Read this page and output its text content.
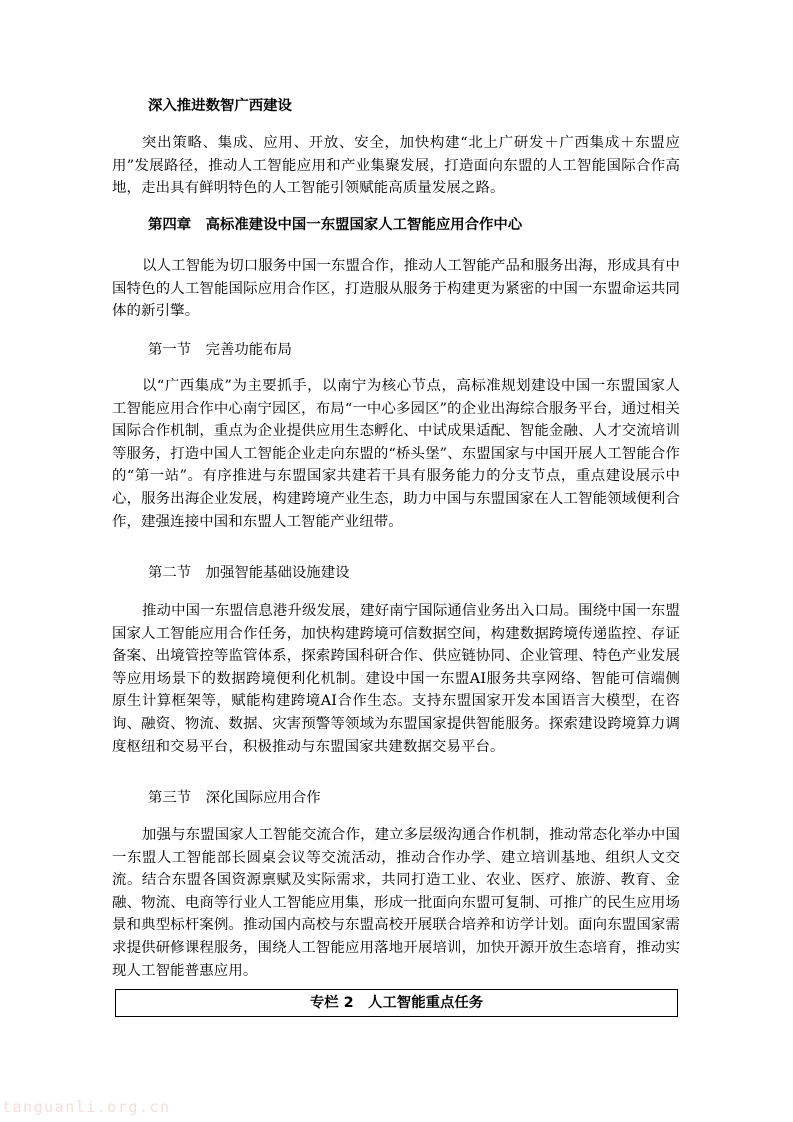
深入推进数智广西建设
突出策略、集成、应用、开放、安全，加快构建“北上广研发＋广西集成＋东盟应用”发展路径，推动人工智能应用和产业集聚发展，打造面向东盟的人工智能国际合作高地，走出具有鲜明特色的人工智能引领赋能高质量发展之路。
第四章　高标准建设中国一东盟国家人工智能应用合作中心
以人工智能为切口服务中国一东盟合作，推动人工智能产品和服务出海，形成具有中国特色的人工智能国际应用合作区，打造服从服务于构建更为紧密的中国一东盟命运共同体的新引擎。
第一节　完善功能布局
以“广西集成”为主要抓手，以南宁为核心节点，高标准规划建设中国一东盟国家人工智能应用合作中心南宁园区，布局“一中心多园区”的企业出海综合服务平台，通过相关国际合作机制，重点为企业提供应用生态孵化、中试成果适配、智能金融、人才交流培训等服务，打造中国人工智能企业走向东盟的“桥头堡”、东盟国家与中国开展人工智能合作的“第一站”。有序推进与东盟国家共建若干具有服务能力的分支节点，重点建设展示中心，服务出海企业发展，构建跨境产业生态，助力中国与东盟国家在人工智能领域便利合作，建强连接中国和东盟人工智能产业纽带。
第二节　加强智能基础设施建设
推动中国一东盟信息港升级发展，建好南宁国际通信业务出入口局。围绕中国一东盟国家人工智能应用合作任务，加快构建跨境可信数据空间，构建数据跨境传递监控、存证备案、出境管控等监管体系，探索跨国科研合作、供应链协同、企业管理、特色产业发展等应用场景下的数据跨境便利化机制。建设中国一东盟AI服务共享网络、智能可信端侧原生计算框架等，赋能构建跨境AI合作生态。支持东盟国家开发本国语言大模型，在咨询、融资、物流、数据、灾害预警等领域为东盟国家提供智能服务。探索建设跨境算力调度枢纽和交易平台，积极推动与东盟国家共建数据交易平台。
第三节　深化国际应用合作
加强与东盟国家人工智能交流合作，建立多层级沟通合作机制，推动常态化举办中国一东盟人工智能部长圆桌会议等交流活动，推动合作办学、建立培训基地、组织人文交流。结合东盟各国资源禀赋及实际需求，共同打造工业、农业、医疗、旅游、教育、金融、物流、电商等行业人工智能应用集，形成一批面向东盟可复制、可推广的民生应用场景和典型标杆案例。推动国内高校与东盟高校开展联合培养和访学计划。面向东盟国家需求提供研修课程服务，围绕人工智能应用落地开展培训，加快开源开放生态培育，推动实现人工智能普惠应用。
专栏 2　人工智能重点任务
tanguanli.org.cn
